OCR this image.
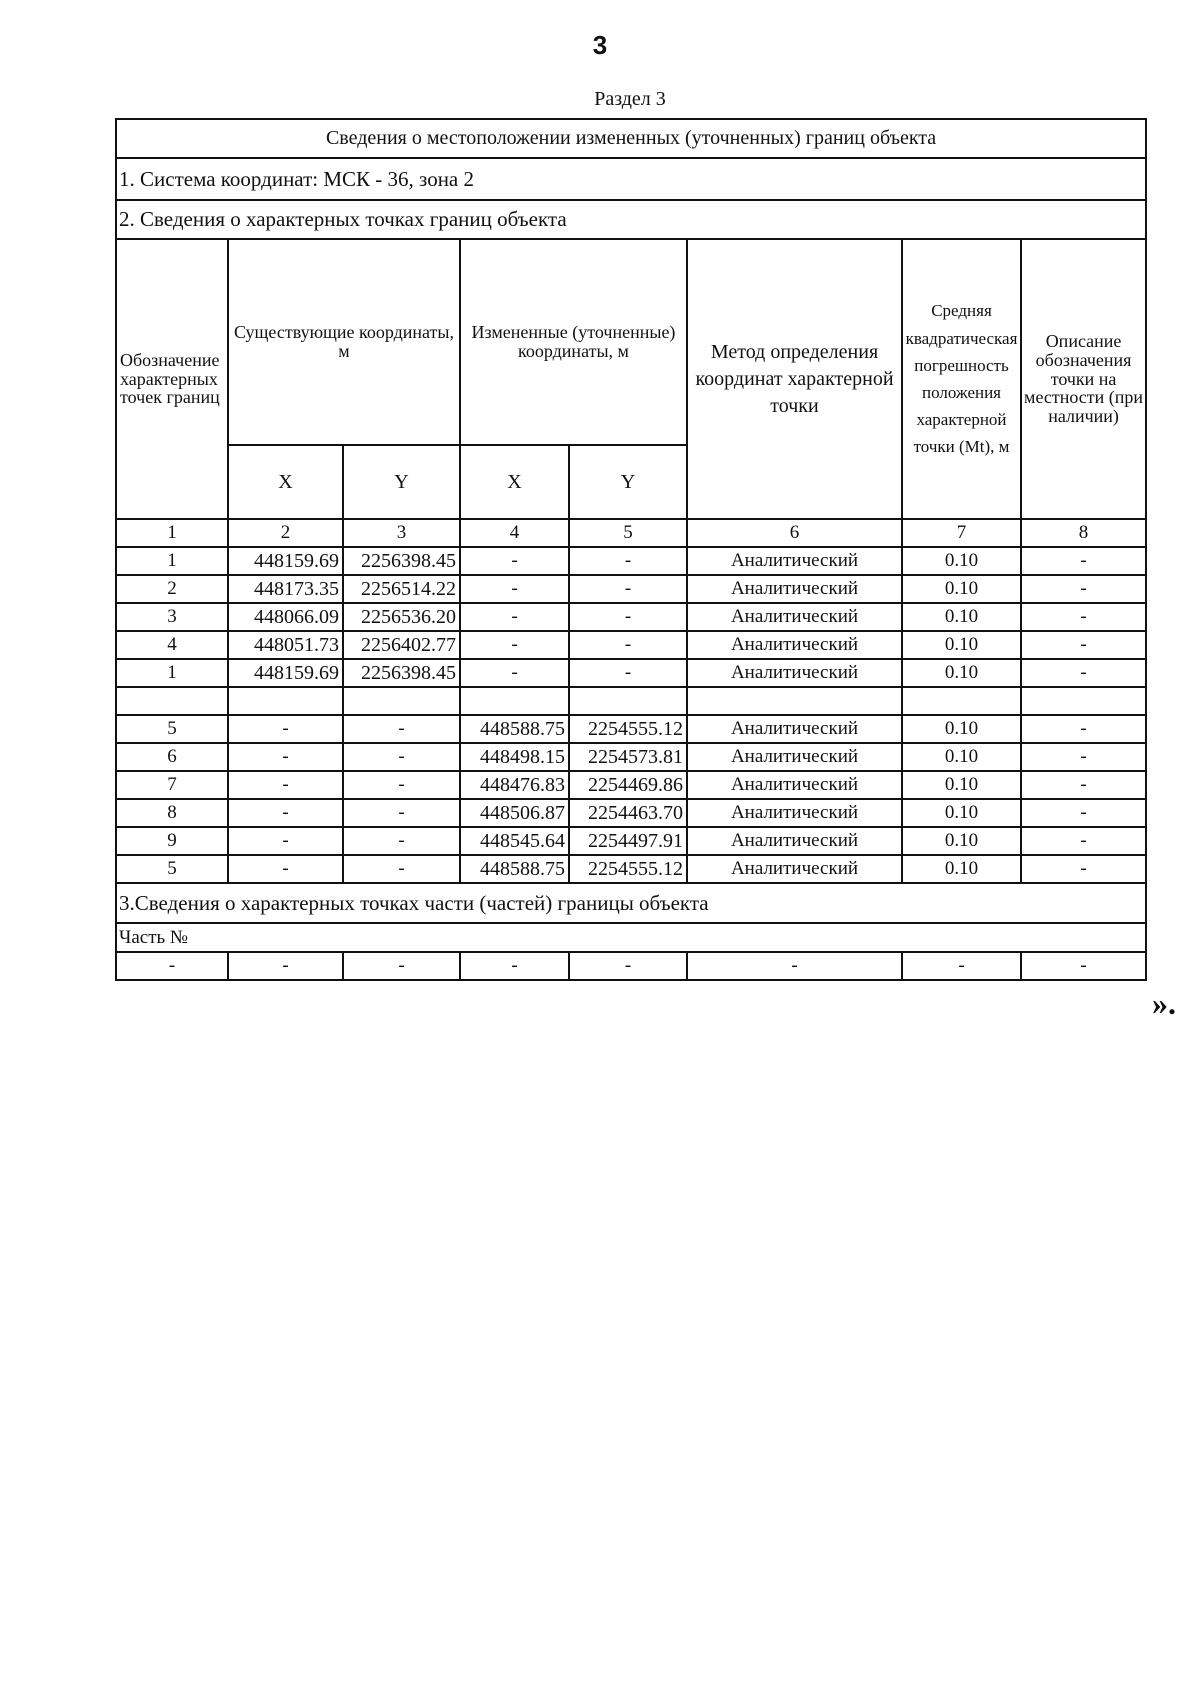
3
Раздел 3
Сведения о местоположении измененных (уточненных) границ объекта							
1. Система координат: МСК - 36, зона 2							
2. Сведения о характерных точках границ объекта							
Обозначение характерных точек границ	Существующие координаты, м		Измененные (уточненные) координаты, м		Метод определения координат характерной точки	Средняя квадратическая погрешность положения характерной точки (Mt), м	Описание обозначения точки на местности (при наличии)
	X	Y	X	Y			
1	2	3	4	5	6	7	8
1	448159.69	2256398.45	-	-	Аналитический	0.10	-
2	448173.35	2256514.22	-	-	Аналитический	0.10	-
3	448066.09	2256536.20	-	-	Аналитический	0.10	-
4	448051.73	2256402.77	-	-	Аналитический	0.10	-
1	448159.69	2256398.45	-	-	Аналитический	0.10	-

5	-	-	448588.75	2254555.12	Аналитический	0.10	-
6	-	-	448498.15	2254573.81	Аналитический	0.10	-
7	-	-	448476.83	2254469.86	Аналитический	0.10	-
8	-	-	448506.87	2254463.70	Аналитический	0.10	-
9	-	-	448545.64	2254497.91	Аналитический	0.10	-
5	-	-	448588.75	2254555.12	Аналитический	0.10	-
3.Сведения о характерных точках части (частей) границы объекта							
Часть №							
-	-	-	-	-	-	-	-
».
